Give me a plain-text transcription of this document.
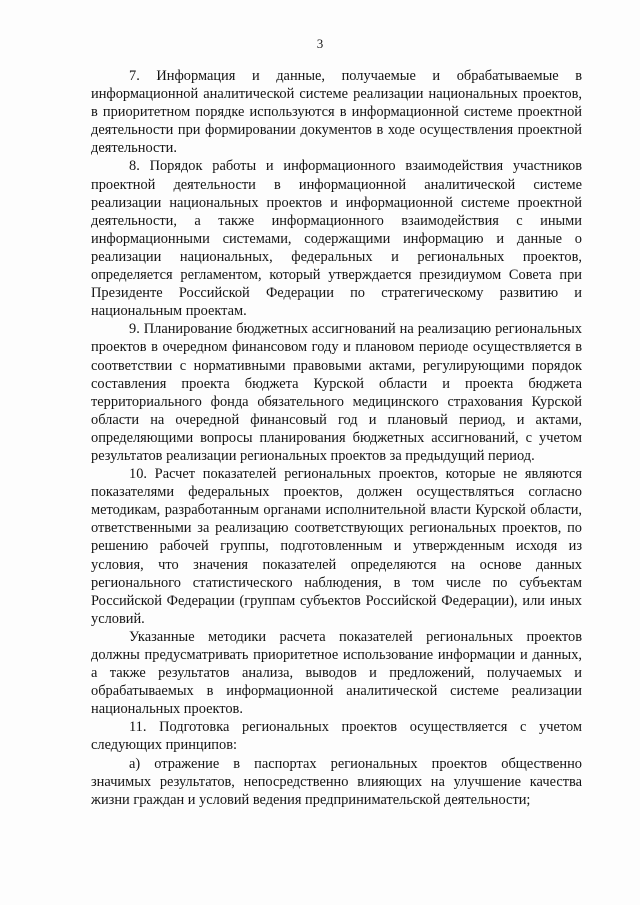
3

7. Информация и данные, получаемые и обрабатываемые в информационной аналитической системе реализации национальных проектов, в приоритетном порядке используются в информационной системе проектной деятельности при формировании документов в ходе осуществления проектной деятельности.

8. Порядок работы и информационного взаимодействия участников проектной деятельности в информационной аналитической системе реализации национальных проектов и информационной системе проектной деятельности, а также информационного взаимодействия с иными информационными системами, содержащими информацию и данные о реализации национальных, федеральных и региональных проектов, определяется регламентом, который утверждается президиумом Совета при Президенте Российской Федерации по стратегическому развитию и национальным проектам.

9. Планирование бюджетных ассигнований на реализацию региональных проектов в очередном финансовом году и плановом периоде осуществляется в соответствии с нормативными правовыми актами, регулирующими порядок составления проекта бюджета Курской области и проекта бюджета территориального фонда обязательного медицинского страхования Курской области на очередной финансовый год и плановый период, и актами, определяющими вопросы планирования бюджетных ассигнований, с учетом результатов реализации региональных проектов за предыдущий период.

10. Расчет показателей региональных проектов, которые не являются показателями федеральных проектов, должен осуществляться согласно методикам, разработанным органами исполнительной власти Курской области, ответственными за реализацию соответствующих региональных проектов, по решению рабочей группы, подготовленным и утвержденным исходя из условия, что значения показателей определяются на основе данных регионального статистического наблюдения, в том числе по субъектам Российской Федерации (группам субъектов Российской Федерации), или иных условий.

Указанные методики расчета показателей региональных проектов должны предусматривать приоритетное использование информации и данных, а также результатов анализа, выводов и предложений, получаемых и обрабатываемых в информационной аналитической системе реализации национальных проектов.

11. Подготовка региональных проектов осуществляется с учетом следующих принципов:

а) отражение в паспортах региональных проектов общественно значимых результатов, непосредственно влияющих на улучшение качества жизни граждан и условий ведения предпринимательской деятельности;
